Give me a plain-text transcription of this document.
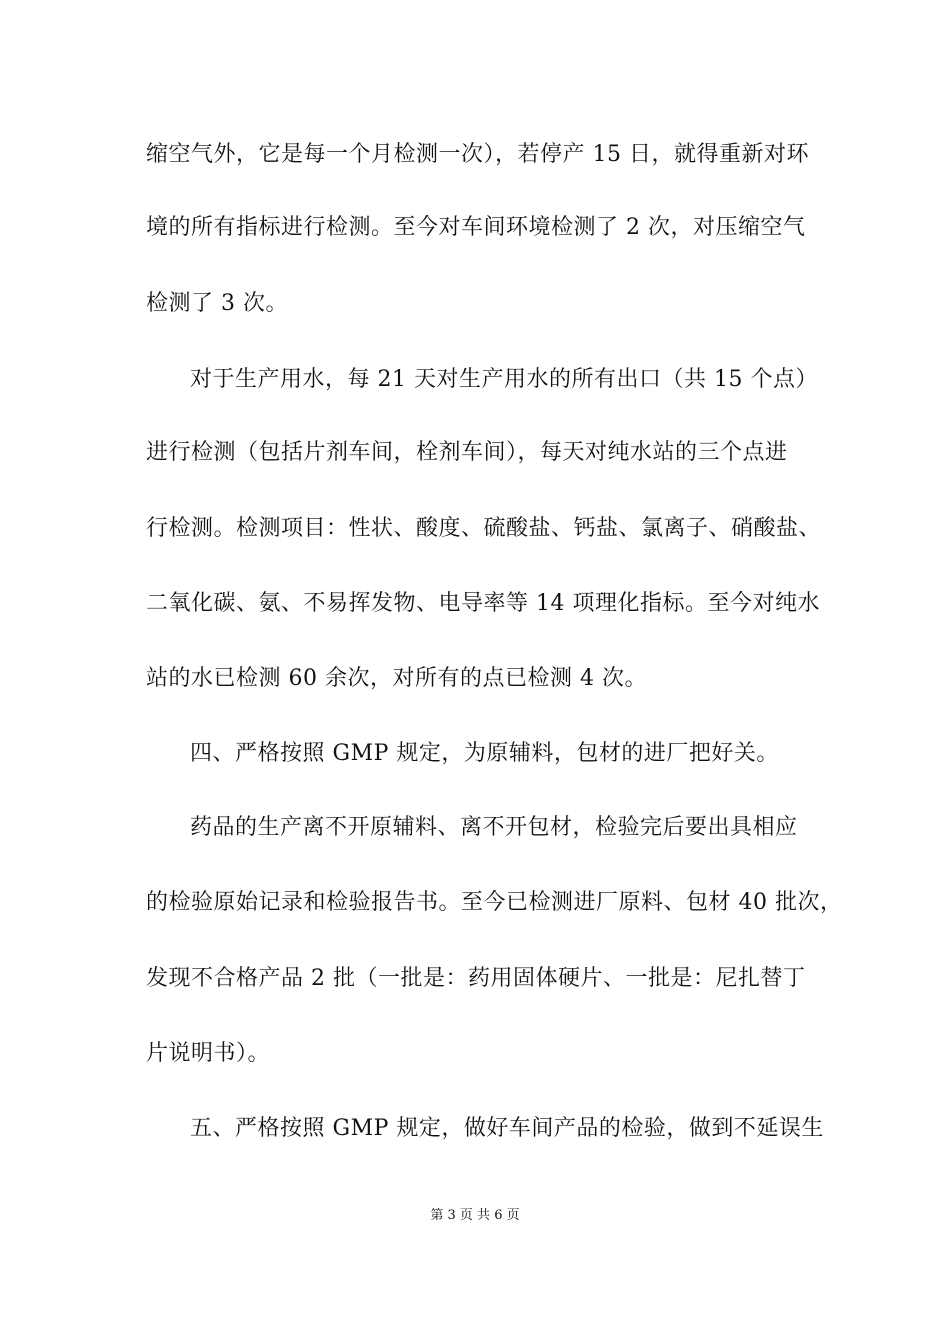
缩空气外，它是每一个月检测一次），若停产 15 日，就得重新对环
境的所有指标进行检测。至今对车间环境检测了 2 次，对压缩空气
检测了 3 次。
对于生产用水，每 21 天对生产用水的所有出口（共 15 个点）
进行检测（包括片剂车间，栓剂车间），每天对纯水站的三个点进
行检测。检测项目：性状、酸度、硫酸盐、钙盐、氯离子、硝酸盐、
二氧化碳、氨、不易挥发物、电导率等 14 项理化指标。至今对纯水
站的水已检测 60 余次，对所有的点已检测 4 次。
四、严格按照 GMP 规定，为原辅料，包材的进厂把好关。
药品的生产离不开原辅料、离不开包材，检验完后要出具相应
的检验原始记录和检验报告书。至今已检测进厂原料、包材 40 批次，
发现不合格产品 2 批（一批是：药用固体硬片、一批是：尼扎替丁
片说明书）。
五、严格按照 GMP 规定，做好车间产品的检验，做到不延误生
第 3 页 共 6 页
